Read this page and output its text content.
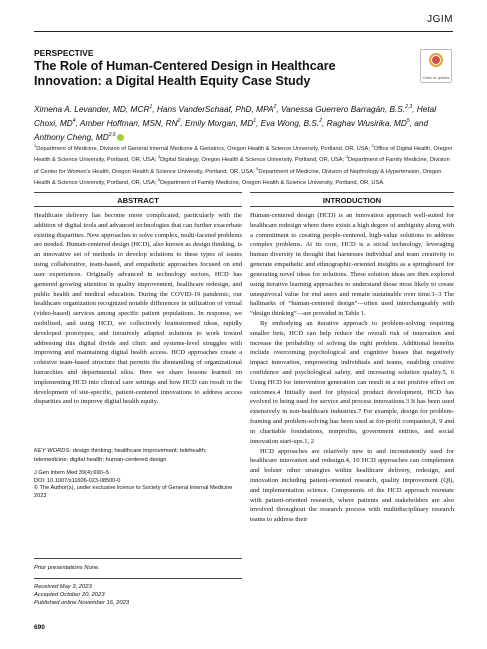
JGIM
PERSPECTIVE
The Role of Human-Centered Design in Healthcare Innovation: a Digital Health Equity Case Study	Check for updates

Ximena A. Levander, MD, MCR$^1$, Hans VanderSchaaf, PhD, MPA$^2$, Vanessa Guerrero Barragán, B.S.$^{2,3}$, Hetal Choxi, $MD^4$, Amber Hoffman, MSN, $RN^2$, Emily Morgan, $MD^1$, Eva Wong, B.S.$^2$, Raghav Wusirika, $MD^5$, and Anthony Cheng, MD$^{2,6}$

$^1$Department of Medicine, Division of General Internal Medicine & Geriatrics, Oregon Health & Science University, Portland, OR, USA; $^2$Office of Digital Health, Oregon Health & Science University, Portland, OR, USA; $^3$Digital Strategy, Oregon Health & Science University, Portland, OR, USA; $^4$Department of Family Medicine, Division of Center for Women's Health, Oregon Health & Science University, Portland, OR, USA; $^5$Department of Medicine, Division of Nephrology & Hypertension, Oregon Health & Science University, Portland, OR, USA; $^6$Department of Family Medicine, Oregon Health & Science University, Portland, OR, USA.

ABSTRACT	INTRODUCTION

Healthcare delivery has become more complicated, particularly with the addition of digital tools and advanced technologies that can further exacerbate existing disparities. New approaches to solve complex, multi-faceted problems are needed. Human-centered design (HCD), also known as design thinking, is an innovative set of methods to develop solutions to these types of issues using collaborative, team-based, and empathetic approaches focused on end user experiences. Originally advanced in technology sectors, HCD has garnered growing attention in quality improvement, healthcare redesign, and public health and medical education. During the COVID-19 pandemic, our healthcare organization recognized notable differences in utilization of virtual (video-based) services among specific patient populations. In response, we mobilized, and using HCD, we collectively brainstormed ideas, rapidly developed prototypes, and iteratively adapted solutions to work toward addressing this digital divide and clinic and systems-level struggles with improving and maintaining digital health access. HCD approaches create a cohesive team-based structure that permits the dismantling of organizational hierarchies and departmental silos. Here we share lessons learned on implementing HCD into clinical care settings and how HCD can result in the development of site-specific, patient-centered innovations to address access disparities and to improve digital health equity.

KEY WORDS: design thinking; healthcare improvement; telehealth; telemedicine; digital health; human-centered design

J Gen Intern Med 39(4):690–5
DOI: 10.1007/s11606-023-08500-0
© The Author(s), under exclusive licence to Society of General Internal Medicine 2023
Prior presentations None.
Received May 3, 2023
Accepted October 20, 2023
Published online November 16, 2023
690

Human-centered design (HCD) is an innovation approach well-suited for healthcare redesign where there exists a high degree of ambiguity along with a commitment to creating people-centered, high-value solutions to address complex problems. At its core, HCD is a social technology, leveraging human diversity in thought that harnesses individual and team creativity to generate empathetic and ethnographic-oriented insights as a springboard for generating novel ideas for solutions. These solution ideas are then explored using iterative learning approaches to understand those most likely to create unequivocal value for end users and remain sustainable over time.1–3 The hallmarks of “human-centered design”—often used interchangeably with “design thinking”—are provided in Table 1.

By embodying an iterative approach to problem-solving requiring smaller bets, HCD can help reduce the overall risk of innovation and increase the probability of solving the right problem. Additional benefits include overcoming psychological and cognitive biases that negatively impact innovation, empowering individuals and teams, enabling creative confidence and psychological safety, and increasing solution quality.5, 6 Using HCD for intervention generation can result in a net positive effect on outcomes.4 Initially used for physical product development, HCD has evolved to being used for service and process innovations.3 It has been used extensively in non-healthcare industries.7 For example, design for problem-framing and problem-solving has been used at for-profit companies,8, 9 and in charitable foundations, nonprofits, government entities, and social innovation start-ups.1, 2

HCD approaches are relatively new to and inconsistently used for healthcare innovation and redesign.4, 10 HCD approaches can complement and bolster other strategies within healthcare delivery, redesign, and innovation including patient-oriented research, quality improvement (QI), and implementation science. Components of the HCD approach resonate with patient-oriented research, where patients and stakeholders are also involved throughout the research process with multidisciplinary research teams to address their
